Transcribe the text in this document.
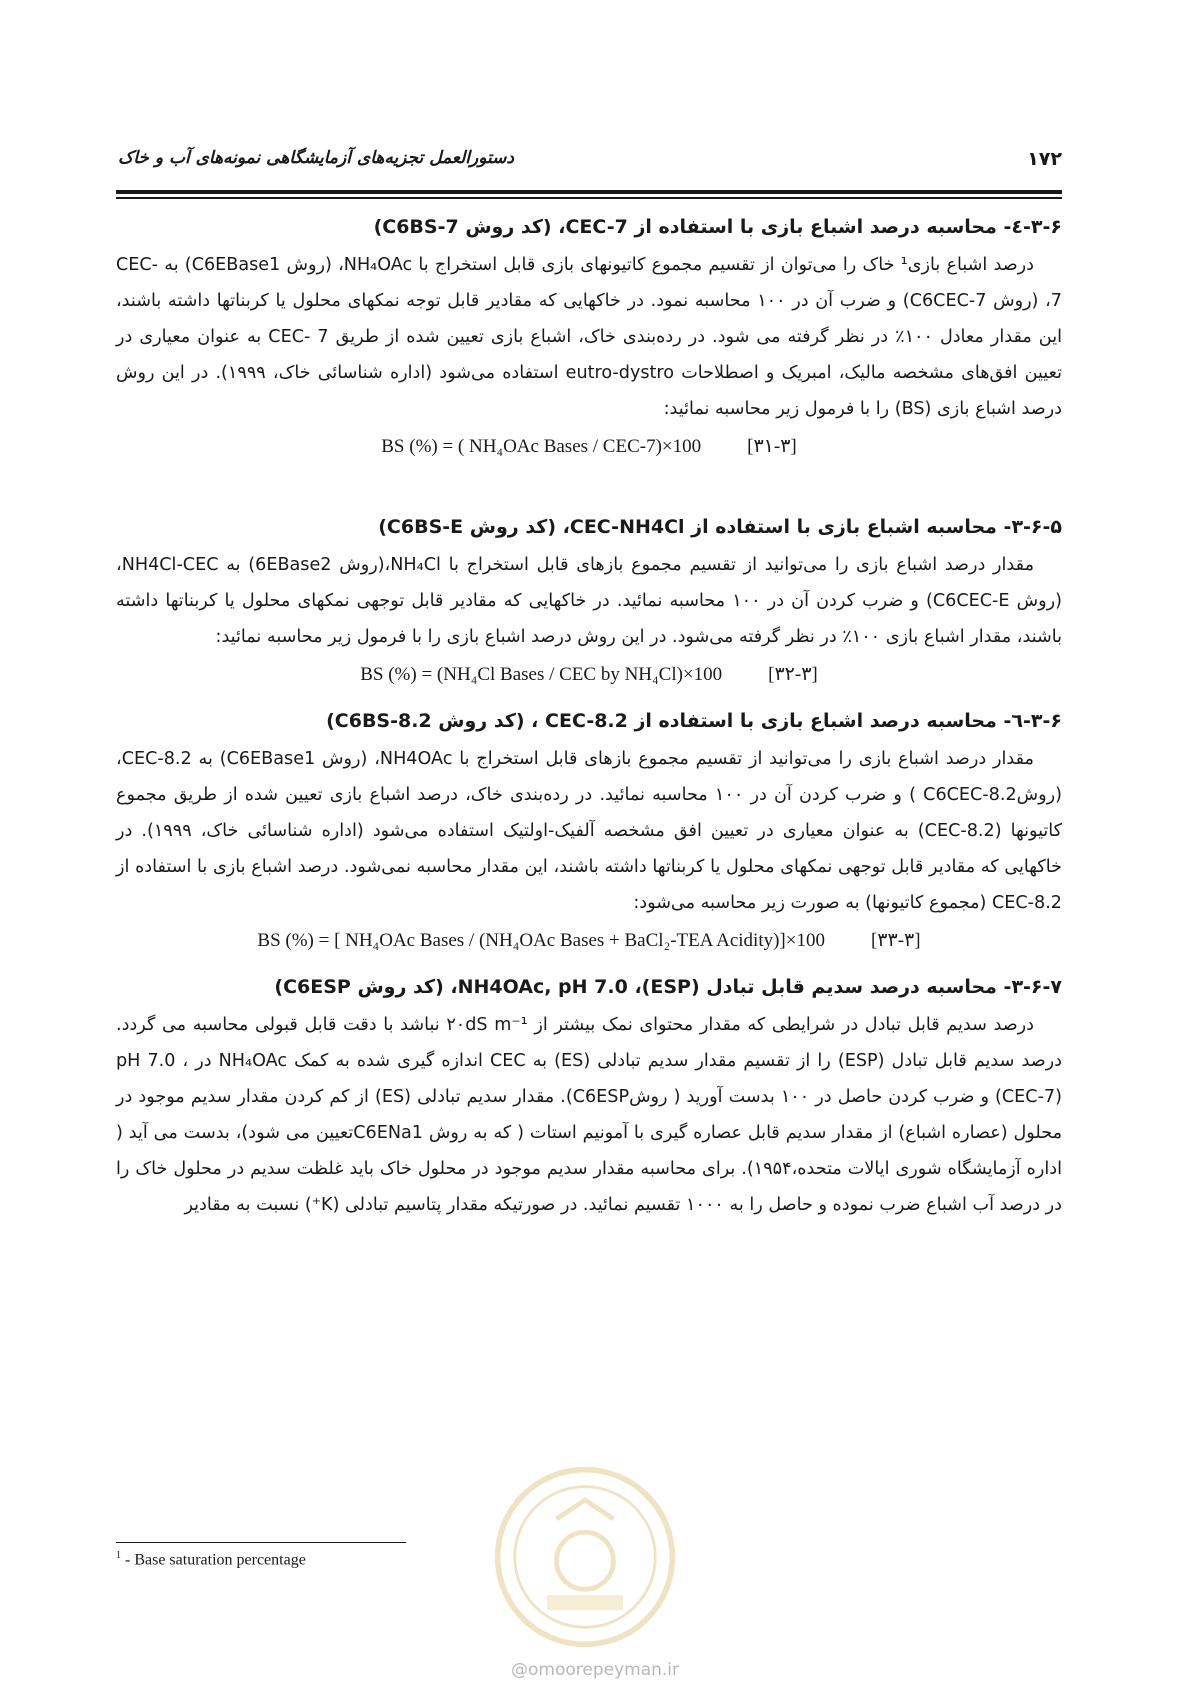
۱۷۲
دستورالعمل تجزیه‌های آزمایشگاهی نمونه‌های آب و خاک
۳-۶-٤- محاسبه درصد اشباع بازی با استفاده از CEC-7، (کد روش C6BS-7)

درصد اشباع بازی¹ خاک را می‌توان از تقسیم مجموع کاتیونهای بازی قابل استخراج با NH₄OAc، (روش C6EBase1) به CEC-7، (روش C6CEC-7) و ضرب آن در ۱۰۰ محاسبه نمود. در خاکهایی که مقادیر قابل توجه نمکهای محلول یا کربناتها داشته باشند، این مقدار معادل ۱۰۰٪ در نظر گرفته می شود. در رده‌بندی خاک، اشباع بازی تعیین شده از طریق CEC- 7 به عنوان معیاری در تعیین افق‌های مشخصه مالیک، امبریک و اصطلاحات eutro-dystro استفاده می‌شود (اداره شناسائی خاک، ۱۹۹۹). در این روش درصد اشباع بازی (BS) را با فرمول زیر محاسبه نمائید:

BS (%) = ( NH₄OAc Bases / CEC-7)×100 [۳۱-۳]
۳-۶-۵- محاسبه اشباع بازی با استفاده از CEC-NH4Cl، (کد روش C6BS-E)

مقدار درصد اشباع بازی را می‌توانید از تقسیم مجموع بازهای قابل استخراج با NH₄Cl،(روش 6EBase2) به NH4Cl-CEC، (روش C6CEC-E) و ضرب کردن آن در ۱۰۰ محاسبه نمائید. در خاکهایی که مقادیر قابل توجهی نمکهای محلول یا کربناتها داشته باشند، مقدار اشباع بازی ۱۰۰٪ در نظر گرفته می‌شود. در این روش درصد اشباع بازی را با فرمول زیر محاسبه نمائید:

BS (%) = (NH₄Cl Bases / CEC by NH₄Cl)×100 [۳۲-۳]
۳-۶-٦- محاسبه درصد اشباع بازی با استفاده از CEC-8.2 ، (کد روش C6BS-8.2)

مقدار درصد اشباع بازی را می‌توانید از تقسیم مجموع بازهای قابل استخراج با NH4OAc، (روش C6EBase1) به CEC-8.2، (روشC6CEC-8.2 ) و ضرب کردن آن در ۱۰۰ محاسبه نمائید. در رده‌بندی خاک، درصد اشباع بازی تعیین شده از طریق مجموع کاتیونها (CEC-8.2) به عنوان معیاری در تعیین افق مشخصه آلفیک-اولتیک استفاده می‌شود (اداره شناسائی خاک، ۱۹۹۹). در خاکهایی که مقادیر قابل توجهی نمکهای محلول یا کربناتها داشته باشند، این مقدار محاسبه نمی‌شود. درصد اشباع بازی با استفاده از CEC-8.2 (مجموع کاتیونها) به صورت زیر محاسبه می‌شود:

BS (%) = [ NH₄OAc Bases / (NH₄OAc Bases + BaCl₂-TEA Acidity)]×100 [۳۳-۳]
۳-۶-۷- محاسبه درصد سدیم قابل تبادل (ESP)، NH4OAc, pH 7.0، (کد روش C6ESP)

درصد سدیم قابل تبادل در شرایطی که مقدار محتوای نمک بیشتر از ۲۰dS m⁻¹ نباشد با دقت قابل قبولی محاسبه می گردد. درصد سدیم قابل تبادل (ESP) را از تقسیم مقدار سدیم تبادلی (ES) به CEC اندازه گیری شده به کمک NH₄OAc در pH 7.0 ، (CEC-7) و ضرب کردن حاصل در ۱۰۰ بدست آورید ( روشC6ESP). مقدار سدیم تبادلی (ES) از کم کردن مقدار سدیم موجود در محلول (عصاره اشباع) از مقدار سدیم قابل عصاره گیری با آمونیم استات ( که به روش C6ENa1تعیین می شود)، بدست می آید ( اداره آزمایشگاه شوری ایالات متحده،۱۹۵۴). برای محاسبه مقدار سدیم موجود در محلول خاک باید غلظت سدیم در محلول خاک را در درصد آب اشباع ضرب نموده و حاصل را به ۱۰۰۰ تقسیم نمائید. در صورتیکه مقدار پتاسیم تبادلی (K⁺) نسبت به مقادیر

$^1$ - Base saturation percentage
@omoorepeyman.ir
